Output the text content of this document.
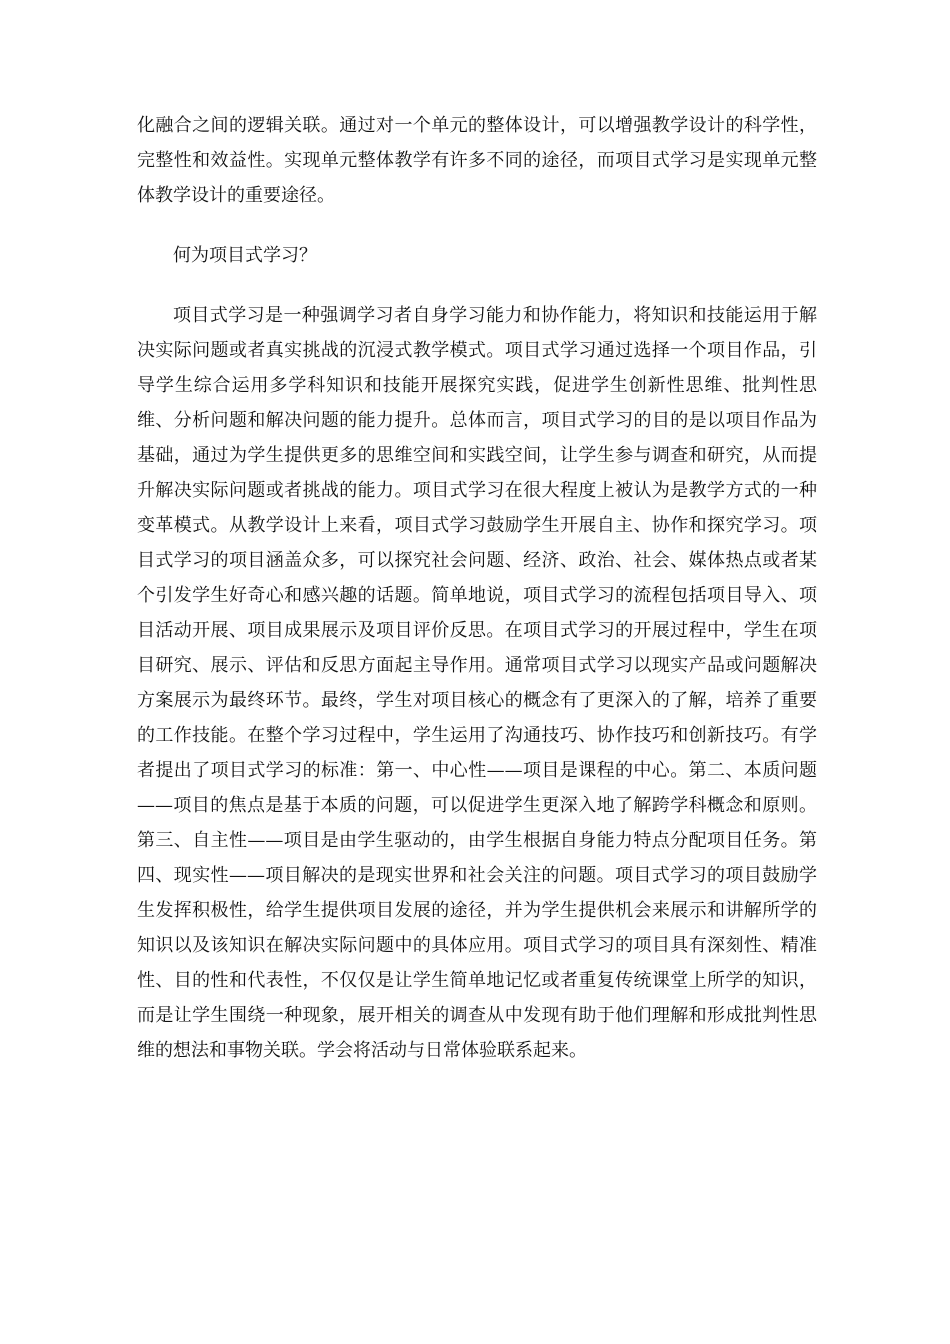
化融合之间的逻辑关联。通过对一个单元的整体设计，可以增强教学设计的科学性，完整性和效益性。实现单元整体教学有许多不同的途径，而项目式学习是实现单元整体教学设计的重要途径。

何为项目式学习？

项目式学习是一种强调学习者自身学习能力和协作能力，将知识和技能运用于解决实际问题或者真实挑战的沉浸式教学模式。项目式学习通过选择一个项目作品，引导学生综合运用多学科知识和技能开展探究实践，促进学生创新性思维、批判性思维、分析问题和解决问题的能力提升。总体而言，项目式学习的目的是以项目作品为基础，通过为学生提供更多的思维空间和实践空间，让学生参与调查和研究，从而提升解决实际问题或者挑战的能力。项目式学习在很大程度上被认为是教学方式的一种变革模式。从教学设计上来看，项目式学习鼓励学生开展自主、协作和探究学习。项目式学习的项目涵盖众多，可以探究社会问题、经济、政治、社会、媒体热点或者某个引发学生好奇心和感兴趣的话题。简单地说，项目式学习的流程包括项目导入、项目活动开展、项目成果展示及项目评价反思。在项目式学习的开展过程中，学生在项目研究、展示、评估和反思方面起主导作用。通常项目式学习以现实产品或问题解决方案展示为最终环节。最终，学生对项目核心的概念有了更深入的了解，培养了重要的工作技能。在整个学习过程中，学生运用了沟通技巧、协作技巧和创新技巧。有学者提出了项目式学习的标准：第一、中心性——项目是课程的中心。第二、本质问题——项目的焦点是基于本质的问题，可以促进学生更深入地了解跨学科概念和原则。第三、自主性——项目是由学生驱动的，由学生根据自身能力特点分配项目任务。第四、现实性——项目解决的是现实世界和社会关注的问题。项目式学习的项目鼓励学生发挥积极性，给学生提供项目发展的途径，并为学生提供机会来展示和讲解所学的知识以及该知识在解决实际问题中的具体应用。项目式学习的项目具有深刻性、精准性、目的性和代表性，不仅仅是让学生简单地记忆或者重复传统课堂上所学的知识，而是让学生围绕一种现象，展开相关的调查从中发现有助于他们理解和形成批判性思维的想法和事物关联。学会将活动与日常体验联系起来。
